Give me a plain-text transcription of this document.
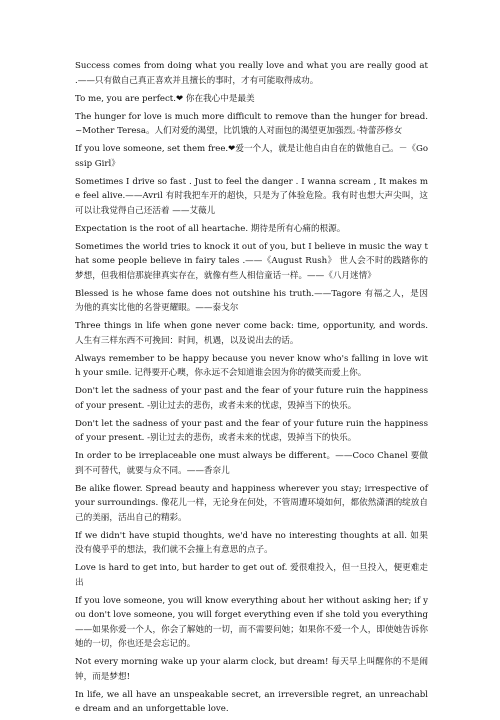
Success comes from doing what you really love and what you are really good at .——只有做自己真正喜欢并且擅长的事时，才有可能取得成功。

To me, you are perfect.❤ 你在我心中是最美

The hunger for love is much more difficult to remove than the hunger for bread. ~Mother Teresa。人们对爱的渴望，比饥饿的人对面包的渴望更加强烈。·特蕾莎修女

If you love someone, set them free.❤爱一个人，就是让他自由自在的做他自己。－《Gossip Girl》

Sometimes I drive so fast . Just to feel the danger . I wanna scream , It makes me feel alive.——Avril 有时我把车开的超快，只是为了体验危险。我有时也想大声尖叫，这可以让我觉得自己还活着 ——艾薇儿

Expectation is the root of all heartache. 期待是所有心痛的根源。

Sometimes the world tries to knock it out of you, but I believe in music the way that some people believe in fairy tales .——《August Rush》 世人会不时的践踏你的梦想，但我相信那旋律真实存在，就像有些人相信童话一样。——《八月迷情》

Blessed is he whose fame does not outshine his truth.——Tagore 有福之人，是因为他的真实比他的名誉更耀眼。——泰戈尔

Three things in life when gone never come back: time, opportunity, and words. 人生有三样东西不可挽回：时间，机遇，以及说出去的话。

Always remember to be happy because you never know who's falling in love with your smile. 记得要开心噢，你永远不会知道谁会因为你的微笑而爱上你。

Don't let the sadness of your past and the fear of your future ruin the happiness of your present. -别让过去的悲伤，或者未来的忧虑，毁掉当下的快乐。

Don't let the sadness of your past and the fear of your future ruin the happiness of your present. -别让过去的悲伤，或者未来的忧虑，毁掉当下的快乐。

In order to be irreplaceable one must always be different。——Coco Chanel 要做到不可替代，就要与众不同。——香奈儿

Be alike flower. Spread beauty and happiness wherever you stay; irrespective of your surroundings. 像花儿一样，无论身在何处，不管周遭环境如何，都依然潇洒的绽放自己的美丽，活出自己的精彩。

If we didn't have stupid thoughts, we'd have no interesting thoughts at all. 如果没有傻乎乎的想法，我们就不会撞上有意思的点子。

Love is hard to get into, but harder to get out of. 爱很难投入，但一旦投入，便更难走出

If you love someone, you will know everything about her without asking her; if you don't love someone, you will forget everything even if she told you everything——如果你爱一个人，你会了解她的一切，而不需要问她；如果你不爱一个人，即使她告诉你她的一切，你也还是会忘记的。

Not every morning wake up your alarm clock, but dream! 每天早上叫醒你的不是闹钟，而是梦想!

In life, we all have an unspeakable secret, an irreversible regret, an unreachable dream and an unforgettable love.
